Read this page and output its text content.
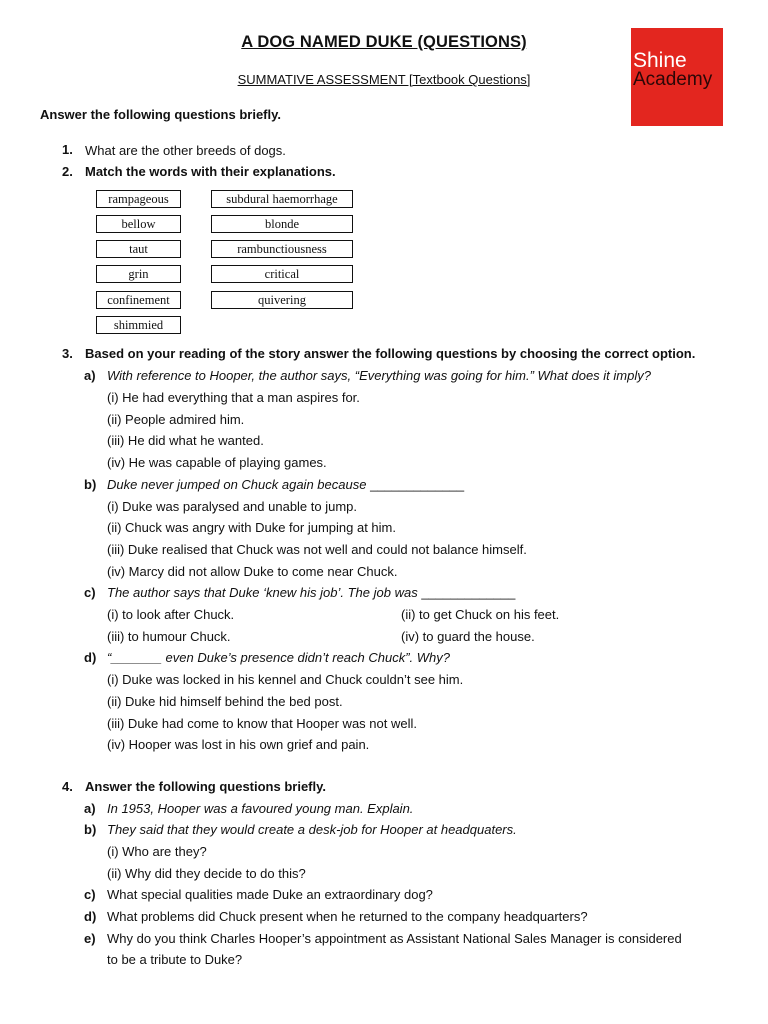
A DOG NAMED DUKE (QUESTIONS)
SUMMATIVE ASSESSMENT [Textbook Questions]
Shine
Academy
Answer the following questions briefly.
1. What are the other breeds of dogs.
2. Match the words with their explanations.
rampageous
bellow
taut
grin
confinement
shimmied
subdural haemorrhage
blonde
rambunctiousness
critical
quivering
3. Based on your reading of the story answer the following questions by choosing the correct option.
a) With reference to Hooper, the author says, “Everything was going for him.” What does it imply?
(i) He had everything that a man aspires for.
(ii) People admired him.
(iii) He did what he wanted.
(iv) He was capable of playing games.
b) Duke never jumped on Chuck again because _____________
(i) Duke was paralysed and unable to jump.
(ii) Chuck was angry with Duke for jumping at him.
(iii) Duke realised that Chuck was not well and could not balance himself.
(iv) Marcy did not allow Duke to come near Chuck.
c) The author says that Duke ‘knew his job’. The job was _____________
(i) to look after Chuck.	(ii) to get Chuck on his feet.
(iii) to humour Chuck.	(iv) to guard the house.
d) “_______ even Duke’s presence didn’t reach Chuck”. Why?
(i) Duke was locked in his kennel and Chuck couldn’t see him.
(ii) Duke hid himself behind the bed post.
(iii) Duke had come to know that Hooper was not well.
(iv) Hooper was lost in his own grief and pain.
4. Answer the following questions briefly.
a) In 1953, Hooper was a favoured young man. Explain.
b) They said that they would create a desk-job for Hooper at headquaters.
(i) Who are they?
(ii) Why did they decide to do this?
c) What special qualities made Duke an extraordinary dog?
d) What problems did Chuck present when he returned to the company headquarters?
e) Why do you think Charles Hooper’s appointment as Assistant National Sales Manager is considered
to be a tribute to Duke?
